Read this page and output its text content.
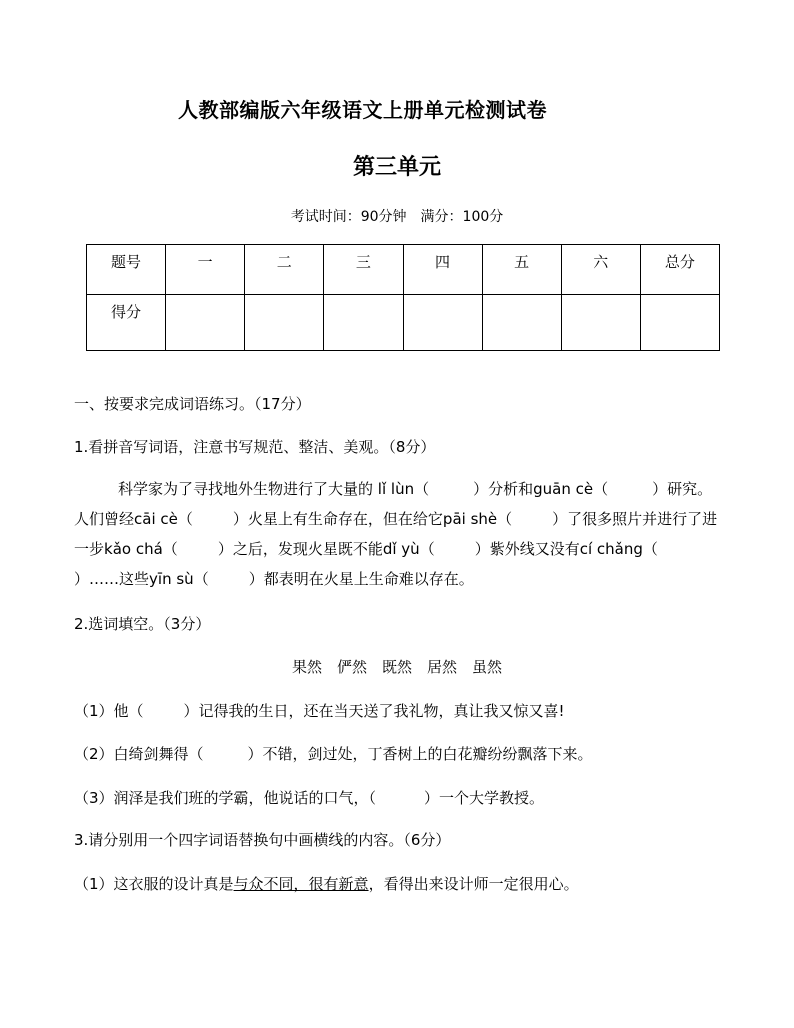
人教部编版六年级语文上册单元检测试卷
第三单元
考试时间：90分钟　满分：100分
题号	一	二	三	四	五	六	总分
得分							
一、按要求完成词语练习。（17分）
1.看拼音写词语，注意书写规范、整洁、美观。（8分）
科学家为了寻找地外生物进行了大量的 lǐ lùn（	）分析和guān cè（	）研究。人们曾经cāi cè（	）火星上有生命存在，但在给它pāi shè（	）了很多照片并进行了进一步kǎo chá（	）之后，发现火星既不能dǐ yù（	）紫外线又没有cí chǎng（）……这些yīn sù（	）都表明在火星上生命难以存在。
2.选词填空。（3分）
果然　俨然　既然　居然　虽然
（1）他（	）记得我的生日，还在当天送了我礼物，真让我又惊又喜!
（2）白绮剑舞得（	）不错，剑过处，丁香树上的白花瓣纷纷飘落下来。
（3）润泽是我们班的学霸，他说话的口气，（	）一个大学教授。
3.请分别用一个四字词语替换句中画横线的内容。（6分）
（1）这衣服的设计真是与众不同，很有新意，看得出来设计师一定很用心。
